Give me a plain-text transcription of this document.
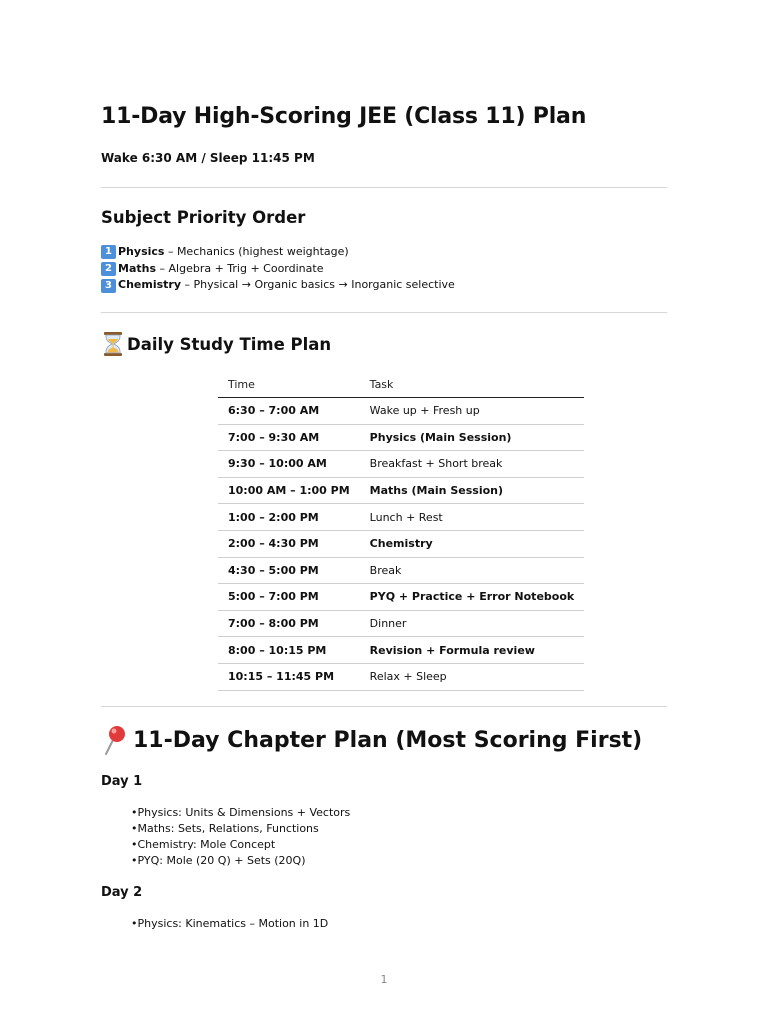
11-Day High-Scoring JEE (Class 11) Plan
Wake 6:30 AM / Sleep 11:45 PM
Subject Priority Order
1 Physics – Mechanics (highest weightage)
2 Maths – Algebra + Trig + Coordinate
3 Chemistry – Physical → Organic basics → Inorganic selective
Daily Study Time Plan
Time	Task
6:30 – 7:00 AM	Wake up + Fresh up
7:00 – 9:30 AM	Physics (Main Session)
9:30 – 10:00 AM	Breakfast + Short break
10:00 AM – 1:00 PM	Maths (Main Session)
1:00 – 2:00 PM	Lunch + Rest
2:00 – 4:30 PM	Chemistry
4:30 – 5:00 PM	Break
5:00 – 7:00 PM	PYQ + Practice + Error Notebook
7:00 – 8:00 PM	Dinner
8:00 – 10:15 PM	Revision + Formula review
10:15 – 11:45 PM	Relax + Sleep
11-Day Chapter Plan (Most Scoring First)
Day 1
• Physics: Units & Dimensions + Vectors
• Maths: Sets, Relations, Functions
• Chemistry: Mole Concept
• PYQ: Mole (20 Q) + Sets (20Q)
Day 2
• Physics: Kinematics – Motion in 1D
1
